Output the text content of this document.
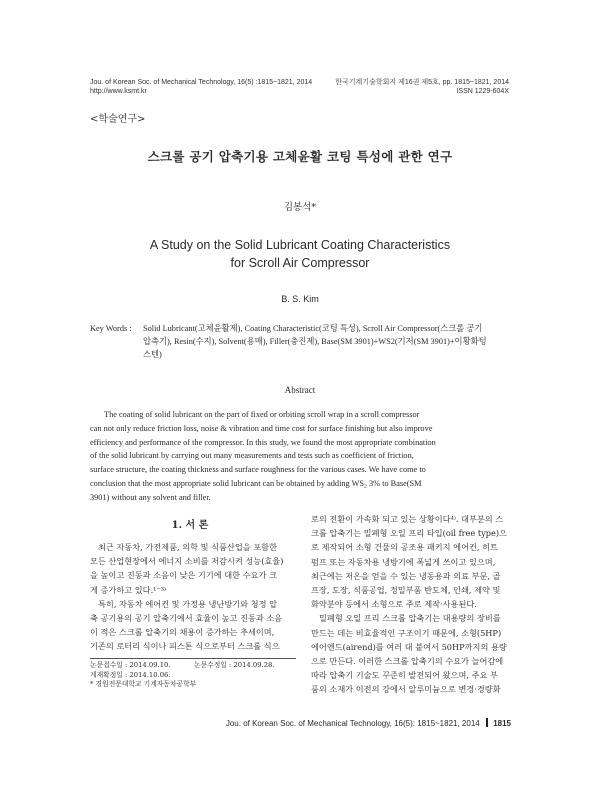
Jou. of Korean Soc. of Mechanical Technology, 16(5) :1815~1821, 2014
http://www.ksmt.kr
한국기계기술학회지 제16권 제5호, pp. 1815~1821, 2014
ISSN 1229-604X
<학술연구>
스크롤 공기 압축기용 고체윤활 코팅 특성에 관한 연구
김봉석*
A Study on the Solid Lubricant Coating Characteristics
for Scroll Air Compressor
B. S. Kim
Key Words :	Solid Lubricant(고체윤활제), Coating Characteristic(코팅 특성), Scroll Air Compressor(스크롤 공기
압축기), Resin(수지), Solvent(용매), Filler(충진제), Base(SM 3901)+WS2(기저(SM 3901)+이황화텅
스텐)
Abstract
The coating of solid lubricant on the part of fixed or orbiting scroll wrap in a scroll compressor
can not only reduce friction loss, noise & vibration and time cost for surface finishing but also improve
efficiency and performance of the compressor. In this study, we found the most appropriate combination
of the solid lubricant by carrying out many measurements and tests such as coefficient of friction,
surface structure, the coating thickness and surface roughness for the various cases. We have come to
conclusion that the most appropriate solid lubricant can be obtained by adding WS₂ 3% to Base(SM
3901) without any solvent and filler.
1. 서 론
최근 자동차, 가전제품, 의학 및 식품산업을 포함한
모든 산업현장에서 에너지 소비를 저감시켜 성능(효율)
을 높이고 진동과 소음이 낮은 기기에 대한 수요가 크
게 증가하고 있다.¹⁻³⁾
특히, 자동차 에어컨 및 가정용 냉난방기와 청정 압
축 공기용의 공기 압축기에서 효율이 높고 진동과 소음
이 적은 스크롤 압축기의 채용이 증가하는 추세이며,
기존의 로터리 식이나 피스톤 식으로부터 스크롤 식으
논문접수일 : 2014.09.10.	논문수정일 : 2014.09.28.
게재확정일 : 2014.10.06.
* 경원전문대학교 기계자동차공학부
로의 전환이 가속화 되고 있는 상황이다⁴⁾. 대부분의 스
크롤 압축기는 밀폐형 오일 프리 타입(oil free type)으
로 제작되어 소형 건물의 공조용 패키지 에어컨, 히트
펌프 또는 자동차용 냉방기에 폭넓게 쓰이고 있으며,
최근에는 저온을 얻을 수 있는 냉동용과 의료 부문, 골
프장, 도장, 식품공업, 정밀부품 반도체, 인쇄, 제약 및
화약분야 등에서 소형으로 주로 제작·사용된다.
밀폐형 오일 프리 스크롤 압축기는 대용량의 장비를
만드는 데는 비효율적인 구조이기 때문에, 소형(5HP)
에어엔드(airend)를 여러 대 붙여서 50HP까지의 용량
으로 만든다. 이러한 스크롤 압축기의 수요가 늘어감에
따라 압축기 기술도 꾸준히 발전되어 왔으며, 주요 부
품의 소재가 이전의 강에서 알루미늄으로 변경·경량화
Jou. of Korean Soc. of Mechanical Technology, 16(5): 1815~1821, 2014 1815
